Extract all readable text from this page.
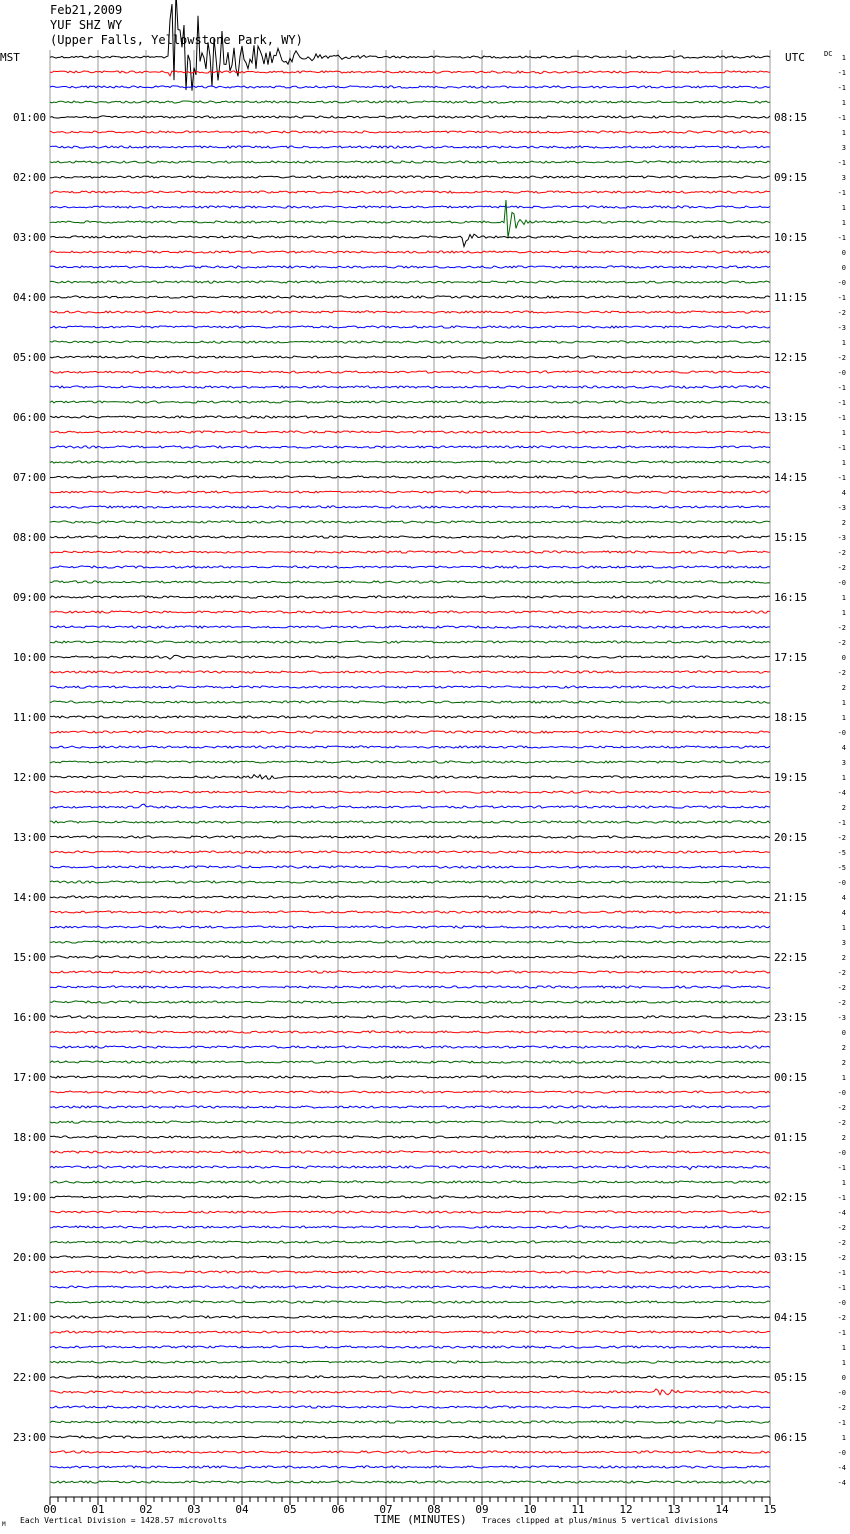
Feb21,2009
YUF SHZ WY
(Upper Falls, Yellowstone Park, WY)
01:00
02:00
03:00
04:00
05:00
06:00
07:00
08:00
09:00
10:00
11:00
12:00
13:00
14:00
15:00
16:00
17:00
18:00
19:00
20:00
21:00
22:00
23:00
08:15
09:15
10:15
11:15
12:15
13:15
14:15
15:15
16:15
17:15
18:15
19:15
20:15
21:15
22:15
23:15
00:15
01:15
02:15
03:15
04:15
05:15
06:15
1
-1
-1
1
-1
1
3
-1
3
-1
1
1
-1
0
0
-0
-1
-2
-3
1
-2
-0
-1
-1
-1
1
-1
1
-1
4
-3
2
-3
-2
-2
-0
1
1
-2
-2
0
-2
2
1
1
-0
4
3
1
-4
2
-1
-2
-5
-5
-0
4
4
1
3
2
-2
-2
-2
-3
0
2
2
1
-0
-2
-2
2
-0
-1
1
-1
-4
-2
-2
-2
-1
-1
-0
-2
-1
1
1
0
-0
-2
-1
1
-0
-4
-4
00	01	02	03	04	05	06	07	08	09	10	11	12	13	14	15
MST	UTC	DC
M Each Vertical Division = 1428.57 microvolts	TIME (MINUTES) Traces clipped at plus/minus 5 vertical divisions
